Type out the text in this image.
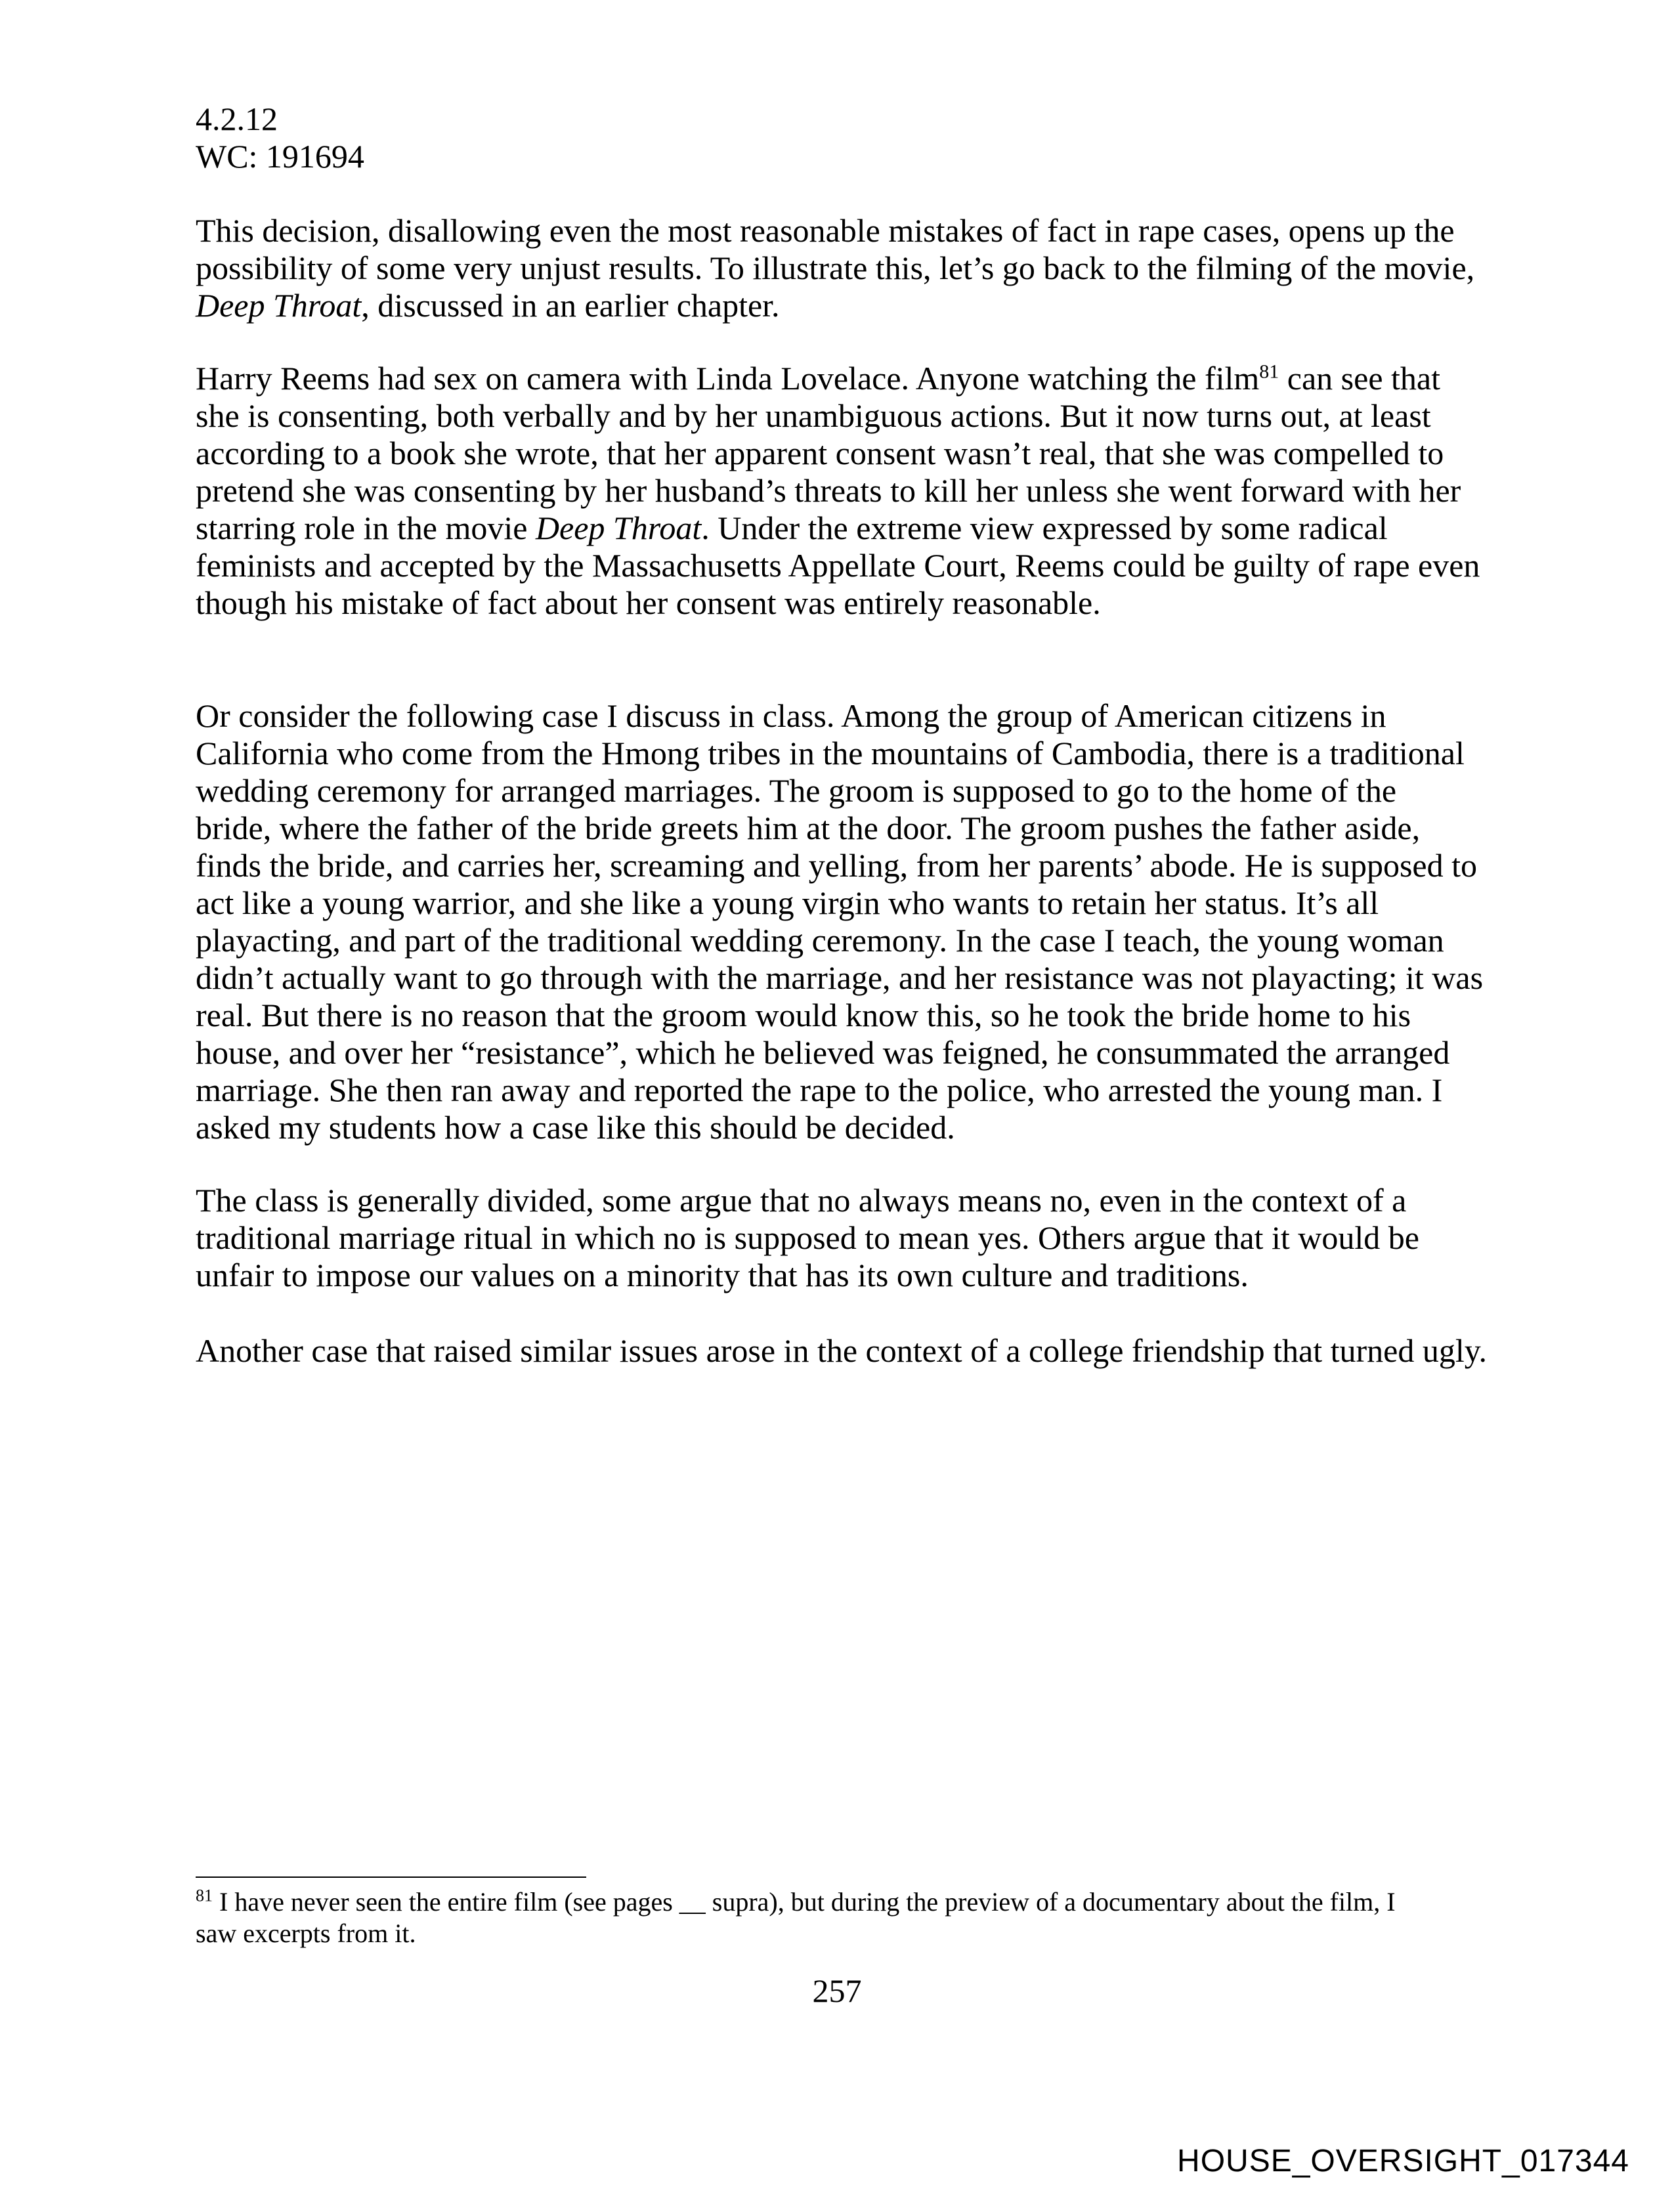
4.2.12
WC: 191694
This decision, disallowing even the most reasonable mistakes of fact in rape cases, opens up the
possibility of some very unjust results. To illustrate this, let’s go back to the filming of the movie,
Deep Throat, discussed in an earlier chapter.
Harry Reems had sex on camera with Linda Lovelace. Anyone watching the film$^{81}$ can see that
she is consenting, both verbally and by her unambiguous actions. But it now turns out, at least
according to a book she wrote, that her apparent consent wasn’t real, that she was compelled to
pretend she was consenting by her husband’s threats to kill her unless she went forward with her
starring role in the movie Deep Throat. Under the extreme view expressed by some radical
feminists and accepted by the Massachusetts Appellate Court, Reems could be guilty of rape even
though his mistake of fact about her consent was entirely reasonable.
Or consider the following case I discuss in class. Among the group of American citizens in
California who come from the Hmong tribes in the mountains of Cambodia, there is a traditional
wedding ceremony for arranged marriages. The groom is supposed to go to the home of the
bride, where the father of the bride greets him at the door. The groom pushes the father aside,
finds the bride, and carries her, screaming and yelling, from her parents’ abode. He is supposed to
act like a young warrior, and she like a young virgin who wants to retain her status. It’s all
playacting, and part of the traditional wedding ceremony. In the case I teach, the young woman
didn’t actually want to go through with the marriage, and her resistance was not playacting; it was
real. But there is no reason that the groom would know this, so he took the bride home to his
house, and over her “resistance”, which he believed was feigned, he consummated the arranged
marriage. She then ran away and reported the rape to the police, who arrested the young man. I
asked my students how a case like this should be decided.
The class is generally divided, some argue that no always means no, even in the context of a
traditional marriage ritual in which no is supposed to mean yes. Others argue that it would be
unfair to impose our values on a minority that has its own culture and traditions.
Another case that raised similar issues arose in the context of a college friendship that turned ugly.
$^{81}$ I have never seen the entire film (see pages __ supra), but during the preview of a documentary about the film, I
saw excerpts from it.
257
HOUSE_OVERSIGHT_017344
